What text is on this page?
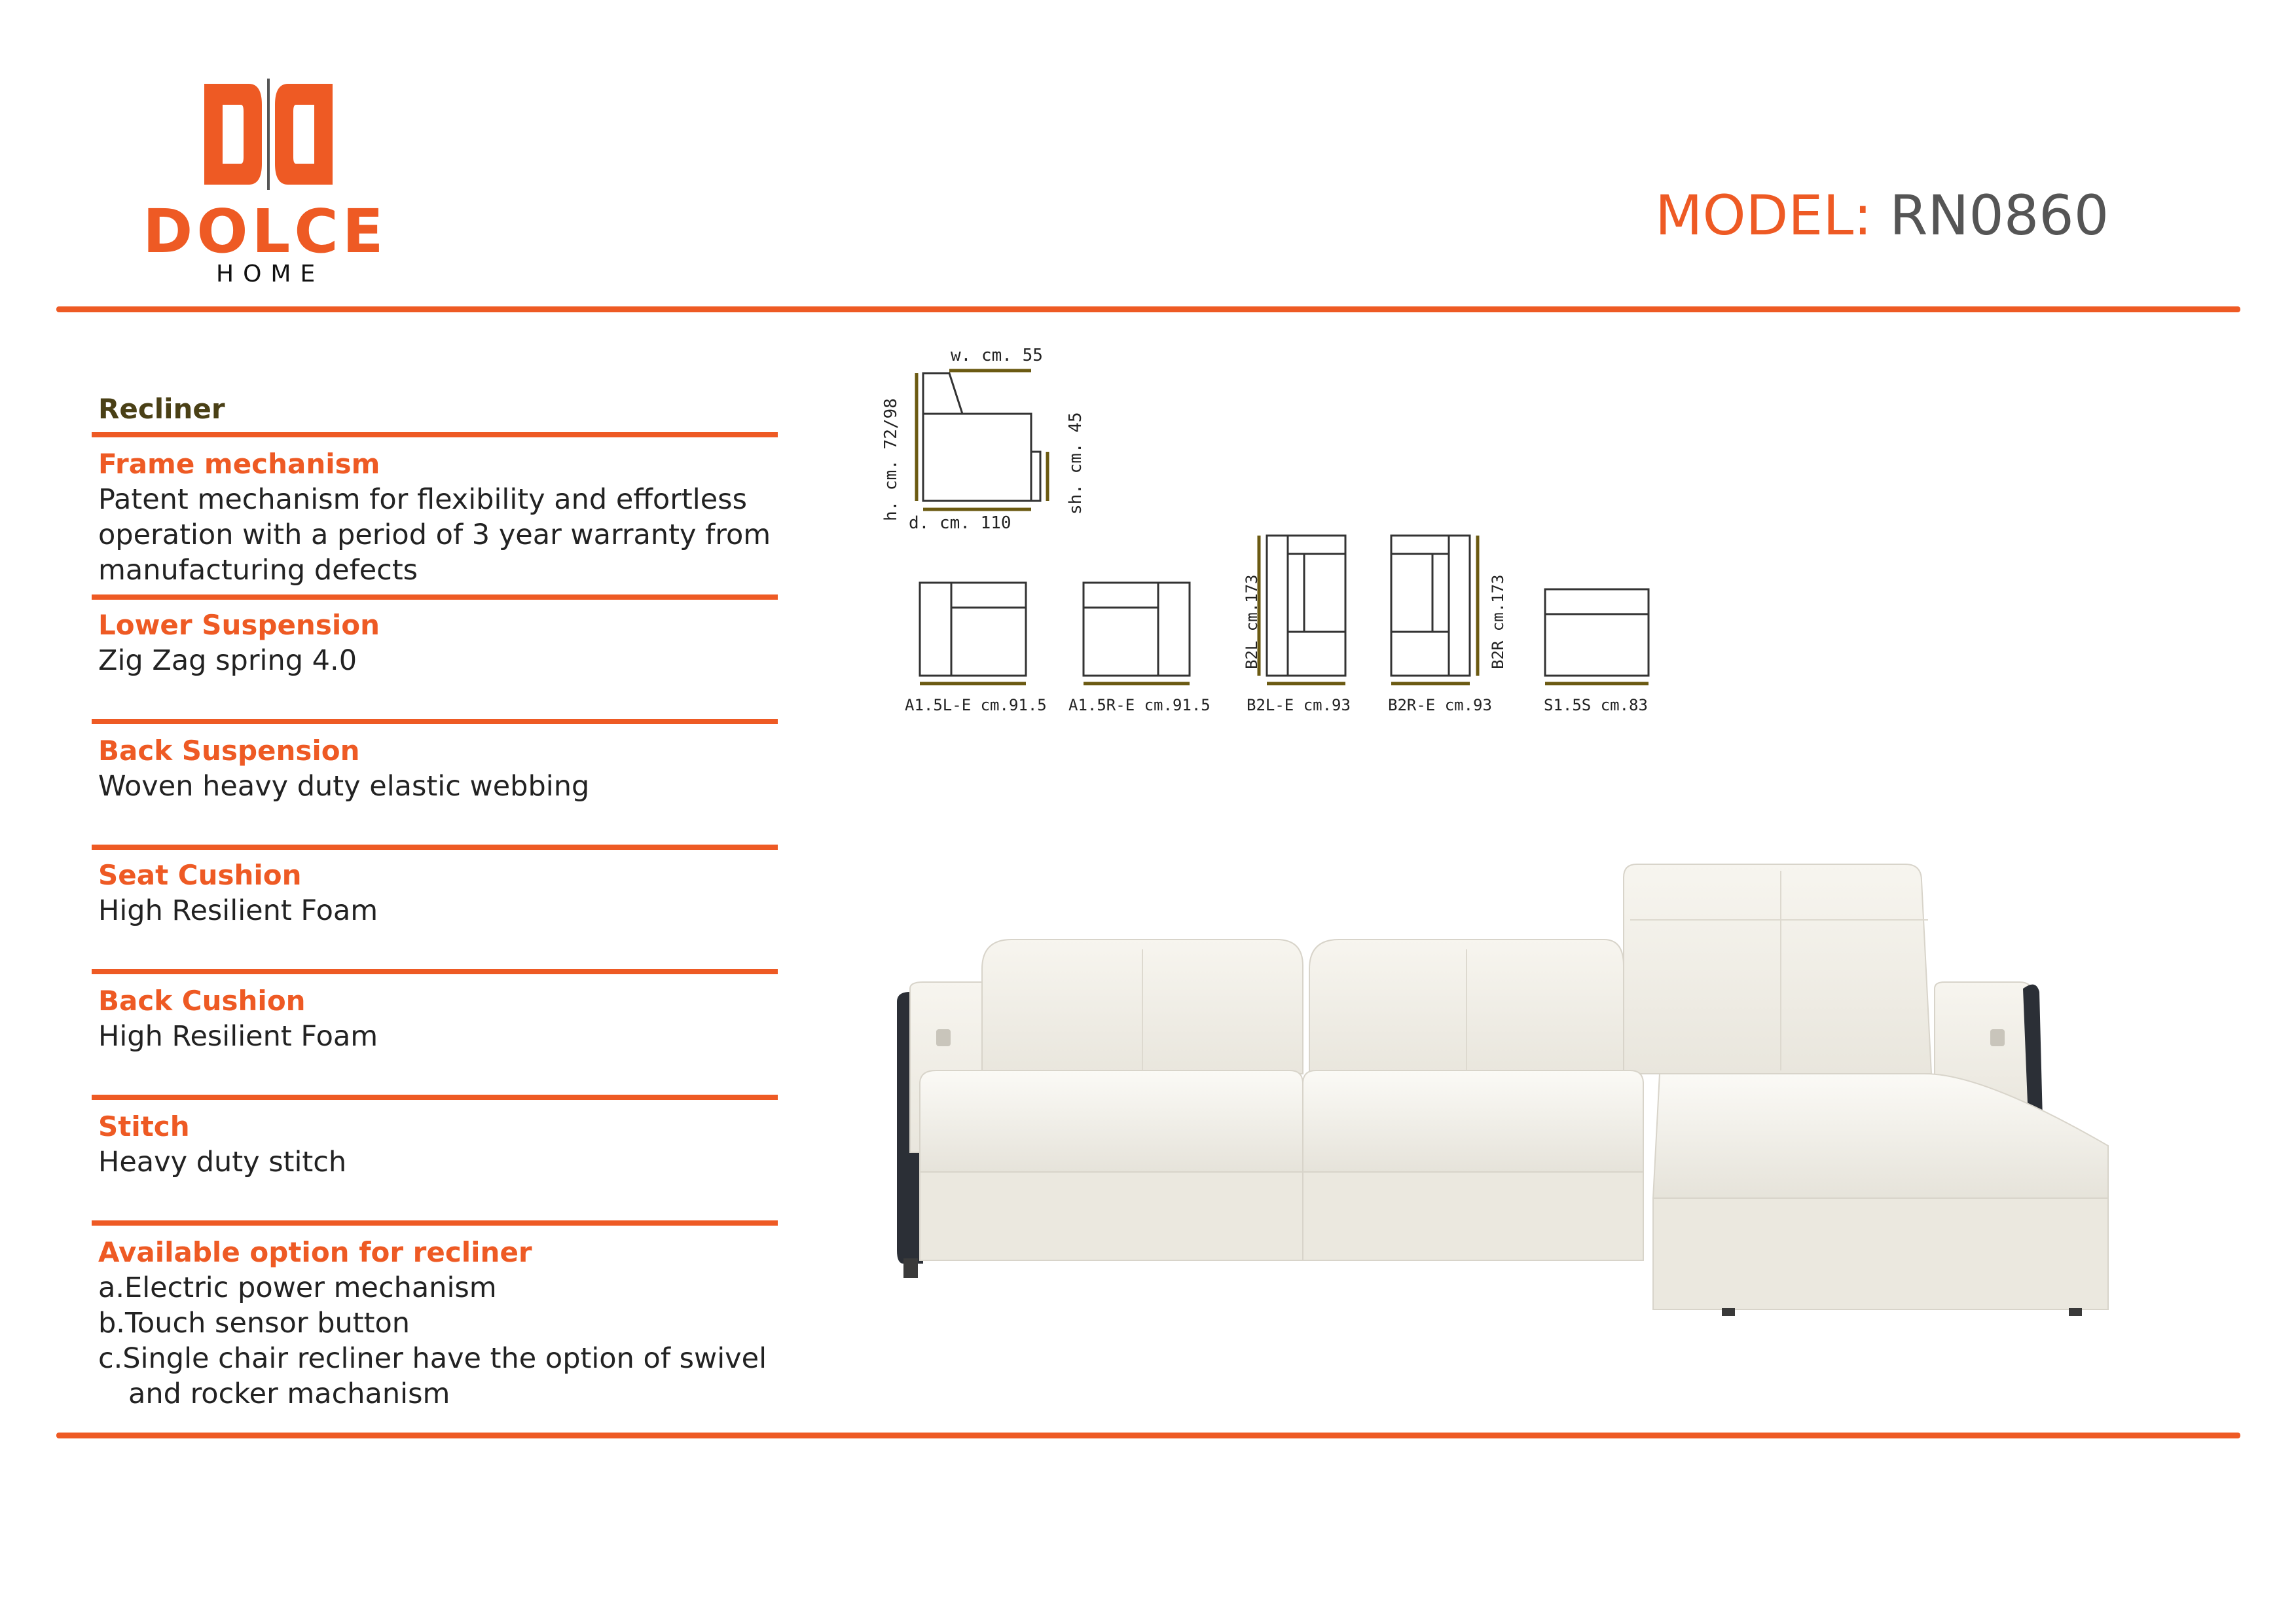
DOLCE
HOME
MODEL: RN0860
Recliner
Frame mechanism
Patent mechanism for flexibility and effortless
operation with a period of 3 year warranty from
manufacturing defects
Lower Suspension
Zig Zag spring 4.0
Back Suspension
Woven heavy duty elastic webbing
Seat Cushion
High Resilient Foam
Back Cushion
High Resilient Foam
Stitch
Heavy duty stitch
Available option for recliner
a.Electric power mechanism
b.Touch sensor button
c.Single chair recliner have the option of swivel
and rocker machanism
w. cm. 55
d. cm. 110
h. cm. 72/98	sh. cm. 45
A1.5L-E cm.91.5 A1.5R-E cm.91.5 B2L-E cm.93 B2R-E cm.93	S1.5S cm.83
B2L cm.173	B2R cm.173
